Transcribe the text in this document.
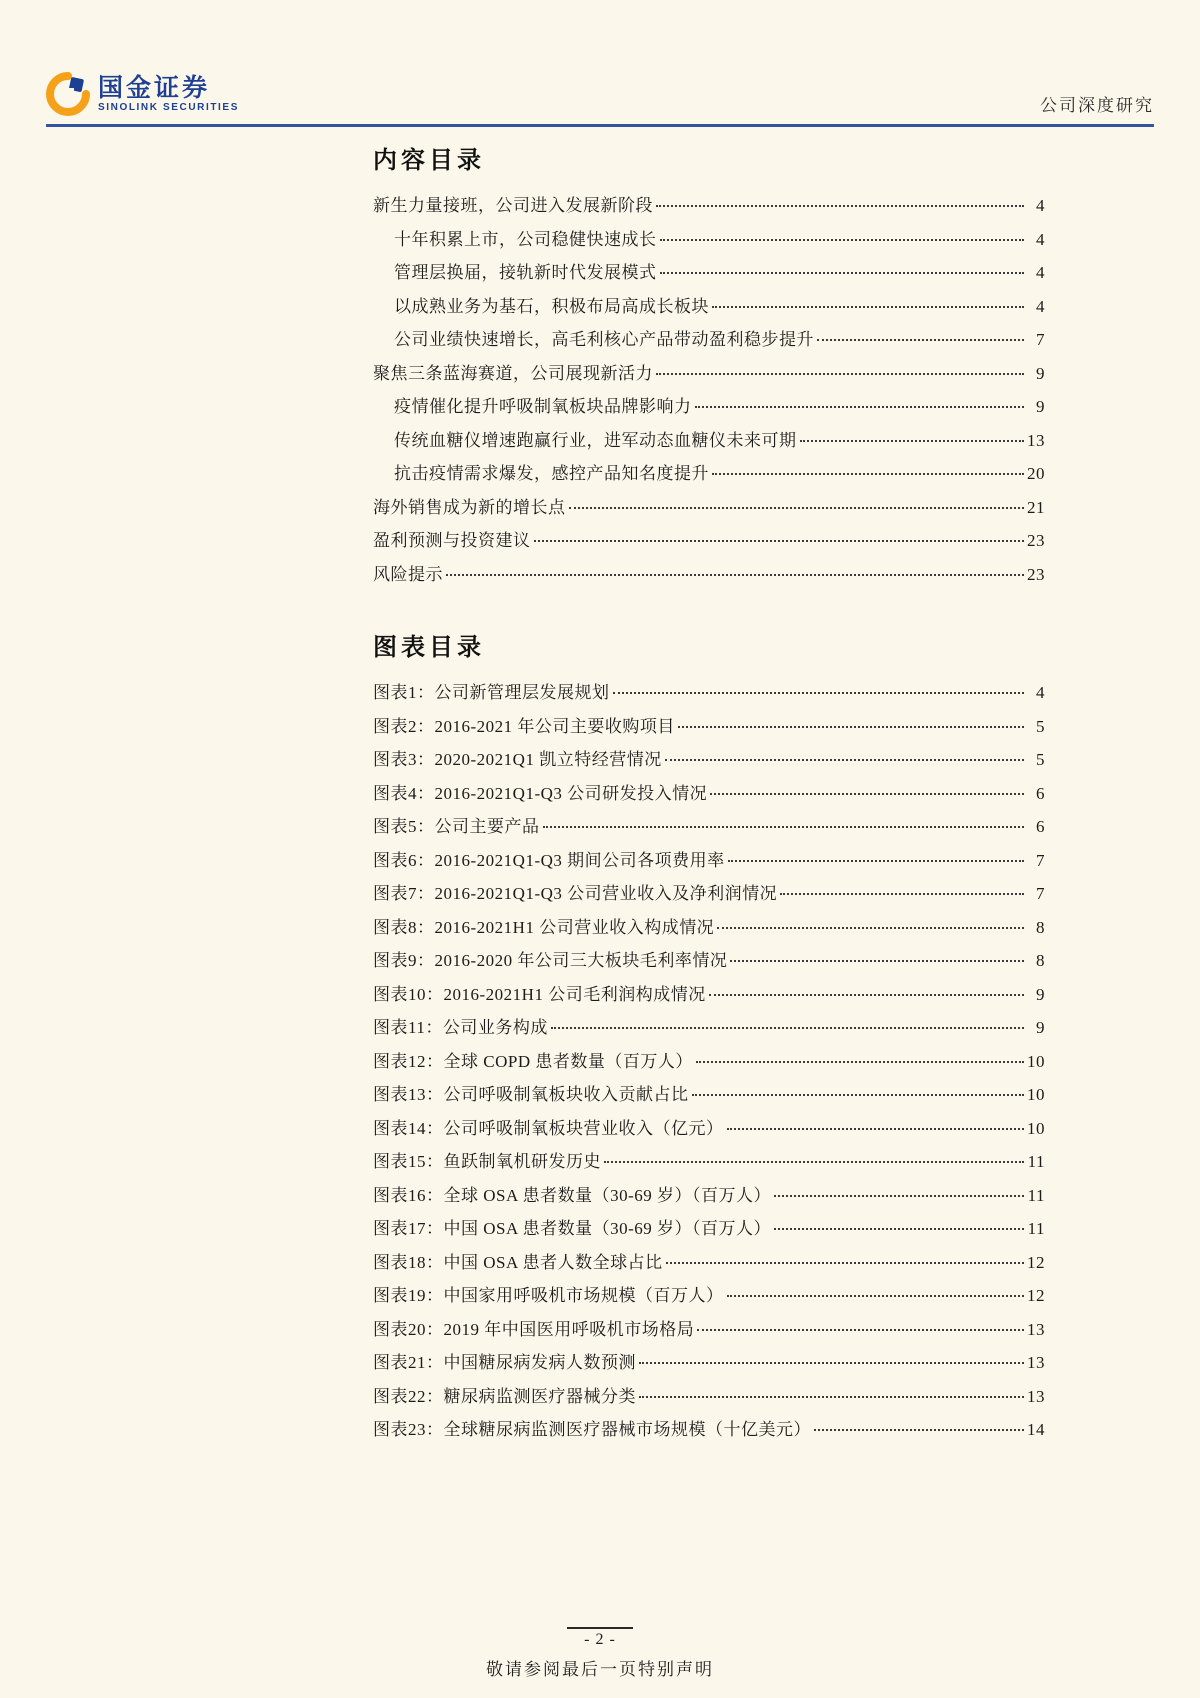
国金证券
SINOLINK SECURITIES	公司深度研究
内容目录
新生力量接班，公司进入发展新阶段	4
十年积累上市，公司稳健快速成长	4
管理层换届，接轨新时代发展模式	4
以成熟业务为基石，积极布局高成长板块	4
公司业绩快速增长，高毛利核心产品带动盈利稳步提升	7
聚焦三条蓝海赛道，公司展现新活力	9
疫情催化提升呼吸制氧板块品牌影响力	9
传统血糖仪增速跑赢行业，进军动态血糖仪未来可期	13
抗击疫情需求爆发，感控产品知名度提升	20
海外销售成为新的增长点	21
盈利预测与投资建议	23
风险提示	23
图表目录
图表1：公司新管理层发展规划	4
图表2：2016-2021 年公司主要收购项目	5
图表3：2020-2021Q1 凯立特经营情况	5
图表4：2016-2021Q1-Q3 公司研发投入情况	6
图表5：公司主要产品	6
图表6：2016-2021Q1-Q3 期间公司各项费用率	7
图表7：2016-2021Q1-Q3 公司营业收入及净利润情况	7
图表8：2016-2021H1 公司营业收入构成情况	8
图表9：2016-2020 年公司三大板块毛利率情况	8
图表10：2016-2021H1 公司毛利润构成情况	9
图表11：公司业务构成	9
图表12：全球 COPD 患者数量（百万人）	10
图表13：公司呼吸制氧板块收入贡献占比	10
图表14：公司呼吸制氧板块营业收入（亿元）	10
图表15：鱼跃制氧机研发历史	11
图表16：全球 OSA 患者数量（30-69 岁）（百万人）	11
图表17：中国 OSA 患者数量（30-69 岁）（百万人）	11
图表18：中国 OSA 患者人数全球占比	12
图表19：中国家用呼吸机市场规模（百万人）	12
图表20：2019 年中国医用呼吸机市场格局	13
图表21：中国糖尿病发病人数预测	13
图表22：糖尿病监测医疗器械分类	13
图表23：全球糖尿病监测医疗器械市场规模（十亿美元）	14
- 2 -
敬请参阅最后一页特别声明
